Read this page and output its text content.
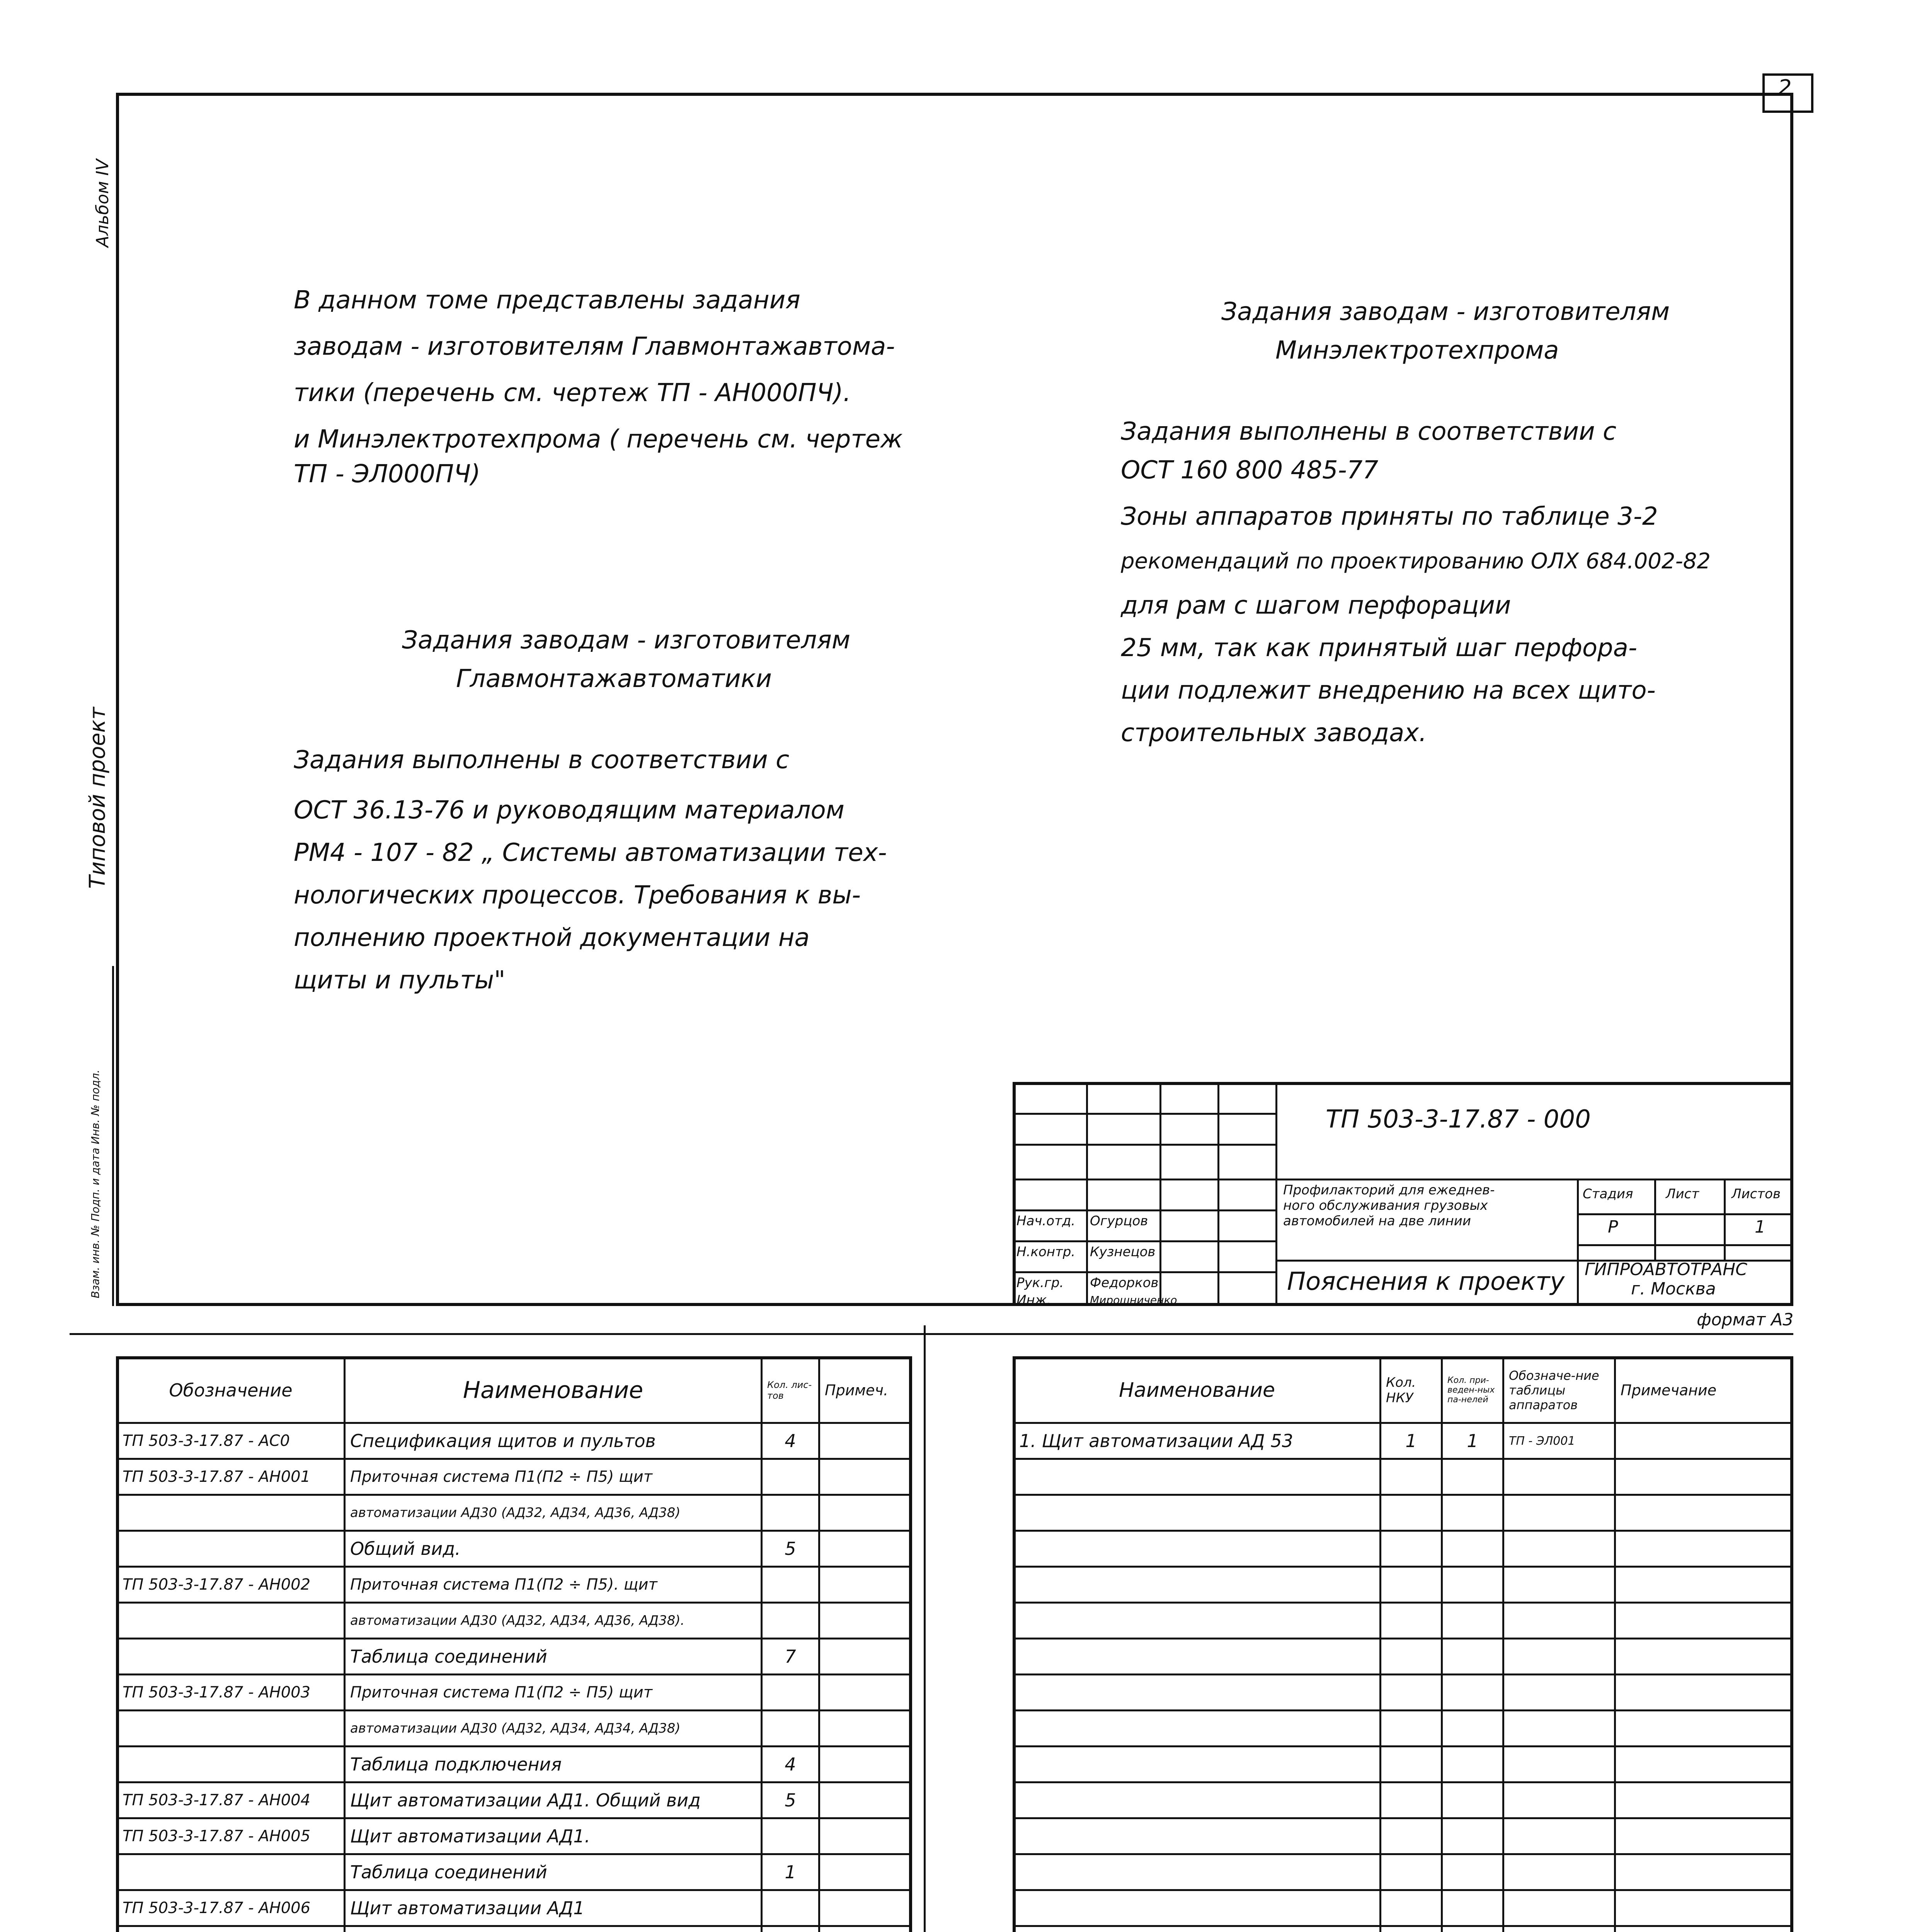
2
Альбом IV
Типовой проект
Взам. инв. № Подп. и дата Инв. № подл.
В данном томе представлены задания
заводам - изготовителям Главмонтажавтома-
тики (перечень см. чертеж ТП - АН000ПЧ).
и Минэлектротехпрома ( перечень см. чертеж
ТП - ЭЛ000ПЧ)
Задания заводам - изготовителям
Главмонтажавтоматики
Задания выполнены в соответствии с
ОСТ 36.13-76 и руководящим материалом
РМ4 - 107 - 82 „ Системы автоматизации тех-
нологических процессов. Требования к вы-
полнению проектной документации на
щиты и пульты"
Задания заводам - изготовителям
Минэлектротехпрома
Задания выполнены в соответствии с
ОСТ 160 800 485-77
Зоны аппаратов приняты по таблице 3-2
рекомендаций по проектированию ОЛХ 684.002-82
для рам с шагом перфорации
25 мм, так как принятый шаг перфора-
ции подлежит внедрению на всех щито-
строительных заводах.
ТП 503-3-17.87 - 000
Профилакторий для ежеднев-
ного обслуживания грузовых
автомобилей на две линии
Стадия Лист Листов
Р	1
Пояснения к проекту ГИПРОАВТОТРАНС
г. Москва
формат А3
Нач.отд. Огурцов
Н.контр. Кузнецов
Рук.гр. Федорков
Инж.	Мирошниченко
Обозначение	Наименование	Кол. лис-тов	Примеч.
ТП 503-3-17.87 - АС0	Спецификация щитов и пультов	4	
ТП 503-3-17.87 - АН001	Приточная система П1(П2 ÷ П5) щит		
	автоматизации АД30 (АД32, АД34, АД36, АД38)		
	Общий вид.	5	
ТП 503-3-17.87 - АН002	Приточная система П1(П2 ÷ П5). щит		
	автоматизации АД30 (АД32, АД34, АД36, АД38).		
	Таблица соединений	7	
ТП 503-3-17.87 - АН003	Приточная система П1(П2 ÷ П5) щит		
	автоматизации АД30 (АД32, АД34, АД34, АД38)		
	Таблица подключения	4	
ТП 503-3-17.87 - АН004	Щит автоматизации АД1. Общий вид	5	
ТП 503-3-17.87 - АН005	Щит автоматизации АД1.		
	Таблица соединений	1	
ТП 503-3-17.87 - АН006	Щит автоматизации АД1		

Наименование	Кол. НКУ	Кол. при-веден-ных па-нелей	Обозначе-ние таблицы аппаратов	Примечание
1. Щит автоматизации АД 53	1	1	ТП - ЭЛ001	
